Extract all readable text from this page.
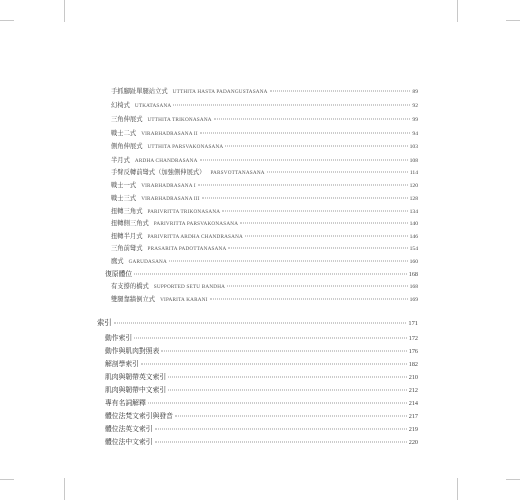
手抓腳趾單腿站立式 UTTHITA HASTA PADANGUSTASANA	89
幻椅式 UTKATASANA	92
三角伸展式 UTTHITA TRIKONASANA	99
戰士二式 VIRABHADRASANA II	94
側角伸展式 UTTHITA PARSVAKONASANA	103
半月式 ARDHA CHANDRASANA	108
手臂反轉前彎式（加強側伸展式） PARSVOTTANASANA	114
戰士一式 VIRABHADRASANA I	120
戰士三式 VIRABHADRASANA III	128
扭轉三角式 PARIVRITTA TRIKONASANA	134
扭轉側三角式 PARIVRITTA PARSVAKONASANA	140
扭轉半月式 PARIVRITTA ARDHA CHANDRASANA	146
三角前彎式 PRASARITA PADOTTANASANA	154
鷹式 GARUDASANA	160
復原體位	168
有支撐的橋式 SUPPORTED SETU BANDHA	168
雙腿靠牆倒立式 VIPARITA KARANI	169
索引	171
動作索引	172
動作與肌肉對照表	176
解剖學索引	182
肌肉與韌帶英文索引	210
肌肉與韌帶中文索引	212
專有名詞解釋	214
體位法梵文索引與發音	217
體位法英文索引	219
體位法中文索引	220
